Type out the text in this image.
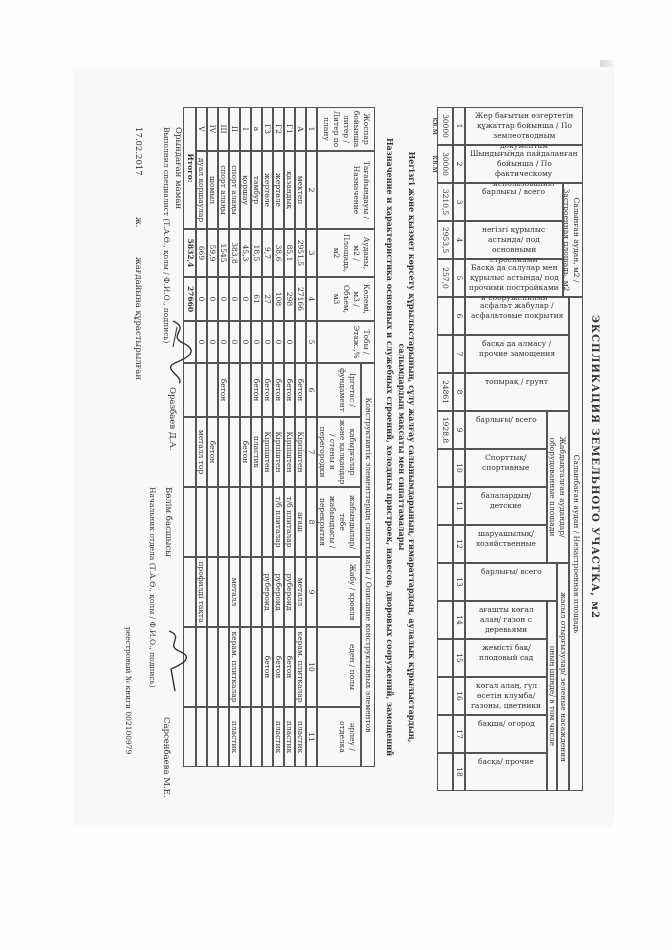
ЭКСПЛИКАЦИЯ ЗЕМЕЛЬНОГО УЧАСТКА, м2
Салынған аудан, м2 / Застроенная площадь, м2
Салынбаған аудан / Незастроенная площадь
Жабдықталған аудандар/ оборудованные площади
жасыл отырғызулар/ зеленые насаждения
оның ішінде/ в том числе
Жер бағытын өзгертетін құжаттар бойынша / По землеотводным документам
1
30000 кв.м
Шындығында пайдаланған бойынша / По фактическому использованию
2
30000 кв.м
барлығы / всего
3
3210,5
негізгі құрылыс астында/ под основными строениями
4
2953,5
Басқа да салулар мен құрылыс астында/ под прочими постройками и сооружениями
5
257,0
асфальт жабулар / асфальтовые покрытия
6
басқа да алмасу / прочие замощения
7
топырақ / грунт
8
24861
барлығы/ всего
9
1928,8
Спорттық/ спортивные
10
балалардың/ детские
11
шаруашылық/ хозяйственные
12
барлығы/ всего
13
ағашты көгал алаң/ газон с деревьями
14
жемісті бақ/ плодовый сад
15
көгал алаң, гүл өсетін клумба/ газоны, цветники
16
бақша/ огород
17
басқа/ прочие
18
Негізгі және қызмет көрсету құрылыстарының, сұлу жалғау салынымдарының, ғимараттардың, аулалық құрылыстардың, салымдардың мақсаты мен сипаттамалары
Назначение и характеристика основных и служебных строений, холодных пристроек, навесов, дворовых сооружений, замощений
Конструктивтік элементтердің сипаттамасы / Описание конструктивных элементов
Жоспар бойынша литер / Литер по плану
1
Тағайындауы / Назначение
2
Ауданы, м2 / Площадь, м2
3
Көлемі, м3 / Объем, м3
4
Тобы / Этаж.,%
5
Іргетас / фундамент
6
қабырғалар және қалқандар / стены и перегородки
7
жабындылар/ тебе жабындысы / перекрытия
8
Жабу / кровля
9
еден / полы
10
әрлеу / отделка
11
А
мектеп
2951,5
27166
бетон
Кірпіштен
ағаш
металл
керам. плиткалар
пластик
Г1
қазандық
85,1
298
0
бетон
Кірпіштен
т/б плиталар
рубероид
бетон
пластик
Г2
жертөле
38,6
108
0
бетон
Кірпіштен
т/б плиталар
рубероид
бетон
пластик
Г3
жертөле
9,7
27
0
бетон
Кірпіштен
рубероид
бетон
а
тамбур
18,5
61
0
бетон
пластик
I
қоршау
45,3
0
0
бетон
II
спорт алаңы
383,8
0
0
металл
керам. плиткалар
пластик
III
спорт алаңы
1545
0
0
бетон
IV
шомыл
59,9
0
0
бетон
V
дуал қоршаулар
669
0
0
металл тор
профилді тақта
Итого:
5832,4
27660
Орындаған маман
Выполнил специалист (Т.А.Ө., қолы / Ф.И.О., подпись)
Оразбаев Д.А.
17.02.2017
ж.
жағдайына құрастырылған
Бөлім басшысы
Начальник отдела (Т.А.Ө., қолы / Ф.И.О., подпись)
Сарсенбаева М.Е.
реестровый № книги 002100979
